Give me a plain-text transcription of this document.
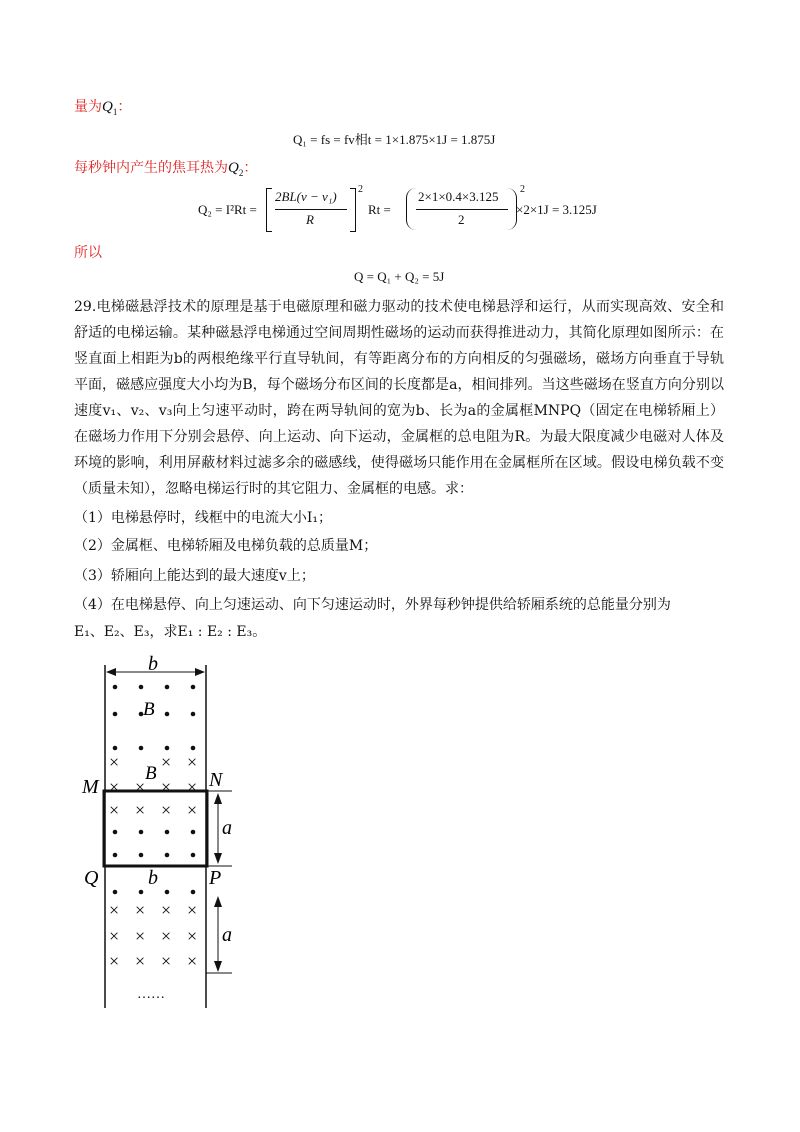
量为$Q_1$：
Q₁ = fs = fv相t = 1×1.875×1J = 1.875J
每秒钟内产生的焦耳热为$Q_2$：
Q₂ = I²Rt =
2BL(v − v₁)
R
2
Rt =
2×1×0.4×3.125
2
2
×2×1J = 3.125J
所以
Q = Q₁ + Q₂ = 5J
29.电梯磁悬浮技术的原理是基于电磁原理和磁力驱动的技术使电梯悬浮和运行，从而实现高效、安全和舒适的电梯运输。某种磁悬浮电梯通过空间周期性磁场的运动而获得推进动力，其简化原理如图所示：在竖直面上相距为b的两根绝缘平行直导轨间，有等距离分布的方向相反的匀强磁场，磁场方向垂直于导轨平面，磁感应强度大小均为B，每个磁场分布区间的长度都是a，相间排列。当这些磁场在竖直方向分别以速度v₁、v₂、v₃向上匀速平动时，跨在两导轨间的宽为b、长为a的金属框MNPQ（固定在电梯轿厢上）在磁场力作用下分别会悬停、向上运动、向下运动，金属框的总电阻为R。为最大限度减少电磁对人体及环境的影响，利用屏蔽材料过滤多余的磁感线，使得磁场只能作用在金属框所在区域。假设电梯负载不变（质量未知），忽略电梯运行时的其它阻力、金属框的电感。求：
（1）电梯悬停时，线框中的电流大小I₁；
（2）金属框、电梯轿厢及电梯负载的总质量M；
（3）轿厢向上能达到的最大速度v上；
（4）在电梯悬停、向上匀速运动、向下匀速运动时，外界每秒钟提供给轿厢系统的总能量分别为
E₁、E₂、E₃，求E₁ : E₂ : E₃。
b
B
× × ×
× × × ×
B
M	N
Q	P
× × × ×
b
× × × ×
× × × ×
× × × ×
……
a
a
